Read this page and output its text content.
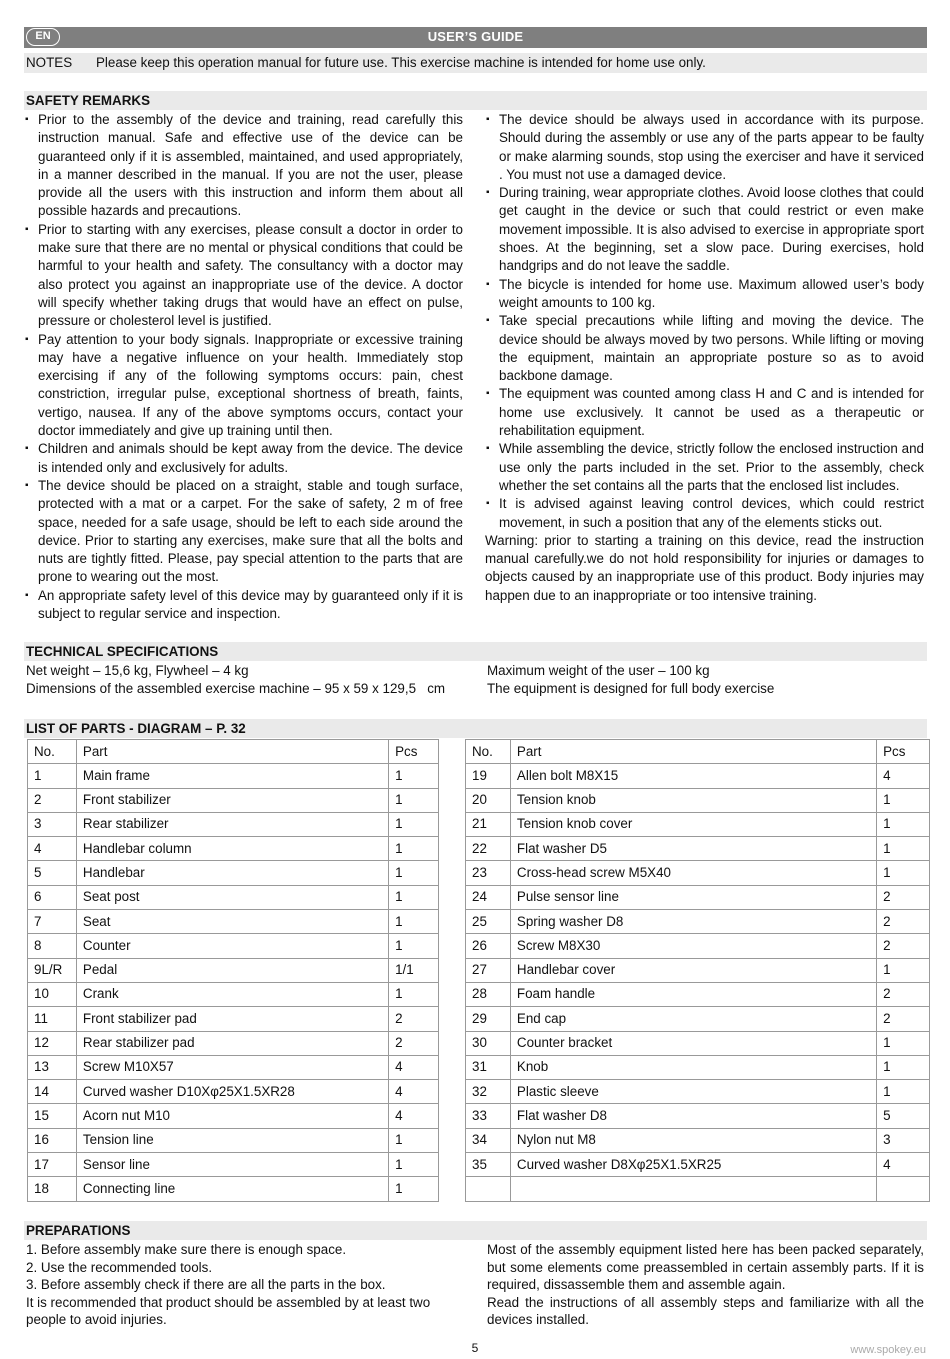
EN	USER’S GUIDE
NOTES Please keep this operation manual for future use. This exercise machine is intended for home use only.
SAFETY REMARKS
▪ Prior to the assembly of the device and training, read carefully this instruction manual. Safe and effective use of the device can be guaranteed only if it is assembled, maintained, and used appropriately, in a manner described in the manual. If you are not the user, please provide all the users with this instruction and inform them about all possible hazards and precautions.
▪ Prior to starting with any exercises, please consult a doctor in order to make sure that there are no mental or physical conditions that could be harmful to your health and safety. The consultancy with a doctor may also protect you against an inappropriate use of the device. A doctor will specify whether taking drugs that would have an effect on pulse, pressure or cholesterol level is justified.
▪ Pay attention to your body signals. Inappropriate or excessive training may have a negative influence on your health. Immediately stop exercising if any of the following symptoms occurs: pain, chest constriction, irregular pulse, exceptional shortness of breath, faints, vertigo, nausea. If any of the above symptoms occurs, contact your doctor immediately and give up training until then.
▪ Children and animals should be kept away from the device. The device is intended only and exclusively for adults.
▪ The device should be placed on a straight, stable and tough surface, protected with a mat or a carpet. For the sake of safety, 2 m of free space, needed for a safe usage, should be left to each side around the device. Prior to starting any exercises, make sure that all the bolts and nuts are tightly fitted. Please, pay special attention to the parts that are prone to wearing out the most.
▪ An appropriate safety level of this device may by guaranteed only if it is subject to regular service and inspection.
▪ The device should be always used in accordance with its purpose. Should during the assembly or use any of the parts appear to be faulty or make alarming sounds, stop using the exerciser and have it serviced . You must not use a damaged device.
▪ During training, wear appropriate clothes. Avoid loose clothes that could get caught in the device or such that could restrict or even make movement impossible. It is also advised to exercise in appropriate sport shoes. At the beginning, set a slow pace. During exercises, hold handgrips and do not leave the saddle.
▪ The bicycle is intended for home use. Maximum allowed user’s body weight amounts to 100 kg.
▪ Take special precautions while lifting and moving the device. The device should be always moved by two persons. While lifting or moving the equipment, maintain an appropriate posture so as to avoid backbone damage.
▪ The equipment was counted among class H and C and is intended for home use exclusively. It cannot be used as a therapeutic or rehabilitation equipment.
▪ While assembling the device, strictly follow the enclosed instruction and use only the parts included in the set. Prior to the assembly, check whether the set contains all the parts that the enclosed list includes.
▪ It is advised against leaving control devices, which could restrict movement, in such a position that any of the elements sticks out.
Warning: prior to starting a training on this device, read the instruction manual carefully.we do not hold responsibility for injuries or damages to objects caused by an inappropriate use of this product. Body injuries may happen due to an inappropriate or too intensive training.
TECHNICAL SPECIFICATIONS
Net weight – 15,6 kg, Flywheel – 4 kg
Dimensions of the assembled exercise machine – 95 x 59 x 129,5   cm
Maximum weight of the user – 100 kg
The equipment is designed for full body exercise
LIST OF PARTS - DIAGRAM – P. 32
No.	Part	Pcs
1	Main frame	1
2	Front stabilizer	1
3	Rear stabilizer	1
4	Handlebar column	1
5	Handlebar	1
6	Seat post	1
7	Seat	1
8	Counter	1
9L/R	Pedal	1/1
10	Crank	1
11	Front stabilizer pad	2
12	Rear stabilizer pad	2
13	Screw M10X57	4
14	Curved washer D10Xφ25X1.5XR28	4
15	Acorn nut M10	4
16	Tension line	1
17	Sensor line	1
18	Connecting line	1
No.	Part	Pcs
19	Allen bolt M8X15	4
20	Tension knob	1
21	Tension knob cover	1
22	Flat washer D5	1
23	Cross-head screw M5X40	1
24	Pulse sensor line	2
25	Spring washer D8	2
26	Screw M8X30	2
27	Handlebar cover	1
28	Foam handle	2
29	End cap	2
30	Counter bracket	1
31	Knob	1
32	Plastic sleeve	1
33	Flat washer D8	5
34	Nylon nut M8	3
35	Curved washer D8Xφ25X1.5XR25	4

PREPARATIONS
1. Before assembly make sure there is enough space.
2. Use the recommended tools.
3. Before assembly check if there are all the parts in the box.
It is recommended that product should be assembled by at least two people to avoid injuries.
Most of the assembly equipment listed here has been packed separately, but some elements come preassembled in certain assembly parts. If it is required, dissassemble them and assemble again.
Read the instructions of all assembly steps and familiarize with all the devices installed.
5	www.spokey.eu
